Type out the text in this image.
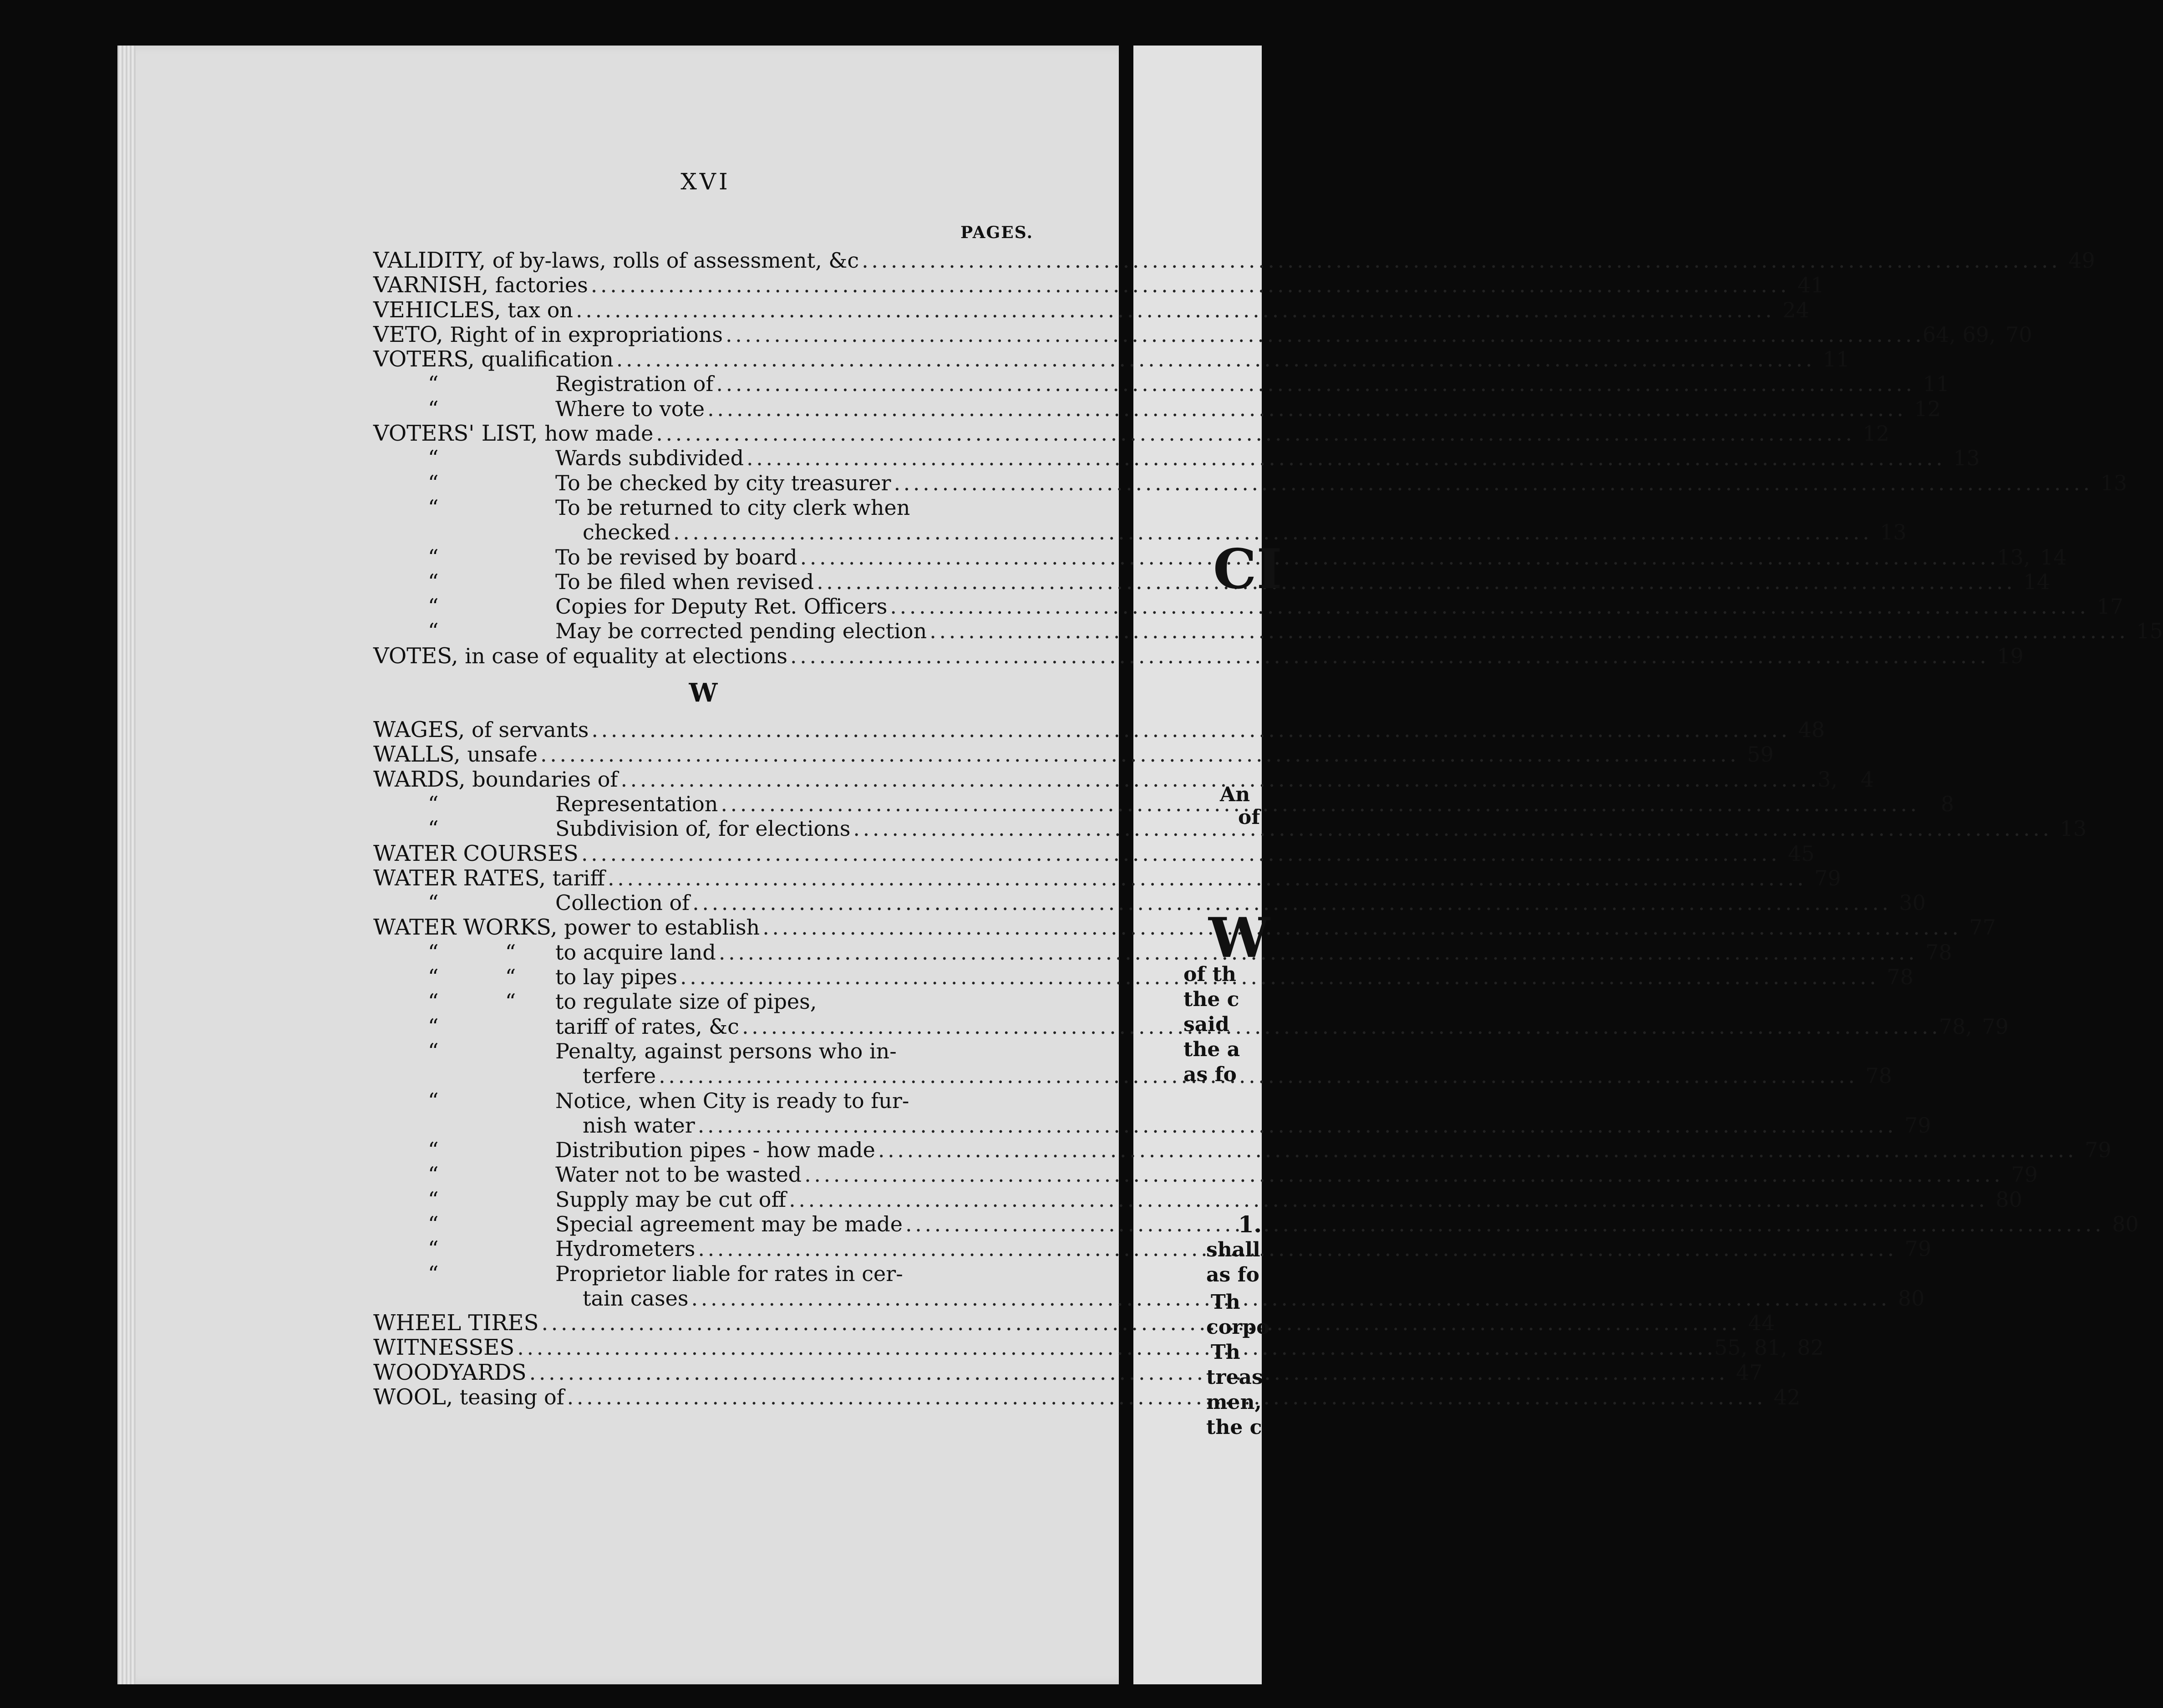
XVI
PAGES.
VALIDITY, of by-laws, rolls of assessment, &c . . .	49
VARNISH, factories . . .	41
VEHICLES, tax on . . .	24
VETO, Right of in expropriations . . .	64, 69, 70
VOTERS, qualification . . .	11
“	Registration of . . .	11
“	Where to vote . . .	12
VOTERS' LIST, how made . . .	12
“	Wards subdivided . . .	13
“	To be checked by city treasurer . . .	13
“	To be returned to city clerk when
checked . . .	13
“	To be revised by board . . .	13, 14
“	To be filed when revised . . .	14
“	Copies for Deputy Ret. Officers . . .	17
“	May be corrected pending election . . .	15
VOTES, in case of equality at elections . . .	19
W
WAGES, of servants . . .	48
WALLS, unsafe . . .	59
WARDS, boundaries of . . .	3,	4
“	Representation . . .	8
“	Subdivision of, for elections . . .	13
WATER COURSES . . .	45
WATER RATES, tariff . . .	79
“	Collection of . . .	30
WATER WORKS, power to establish . . .	77
“          “ to acquire land . . .	78
“          “ to lay pipes . . .	78
“          “ to regulate size of pipes,
“	tariff of rates, &c . . .	78, 79
“	Penalty, against persons who in-
terfere . . .	78
“	Notice, when City is ready to fur-
nish water . . .	79
“	Distribution pipes - how made . . .	79
“	Water not to be wasted . . .	79
“	Supply may be cut off . . .	80
“	Special agreement may be made . . .	80
“	Hydrometers . . .	79
“	Proprietor liable for rates in cer-
tain cases . . .	80
WHEEL TIRES . . .	44
WITNESSES . . .	55, 81, 82
WOODYARDS . . .	47
WOOL, teasing of . . .	42
CI
An
of
W
of th
the c
said
the a
as fo
1.
shall
as fo
Th
corpo
Th
treas
men,
the c
